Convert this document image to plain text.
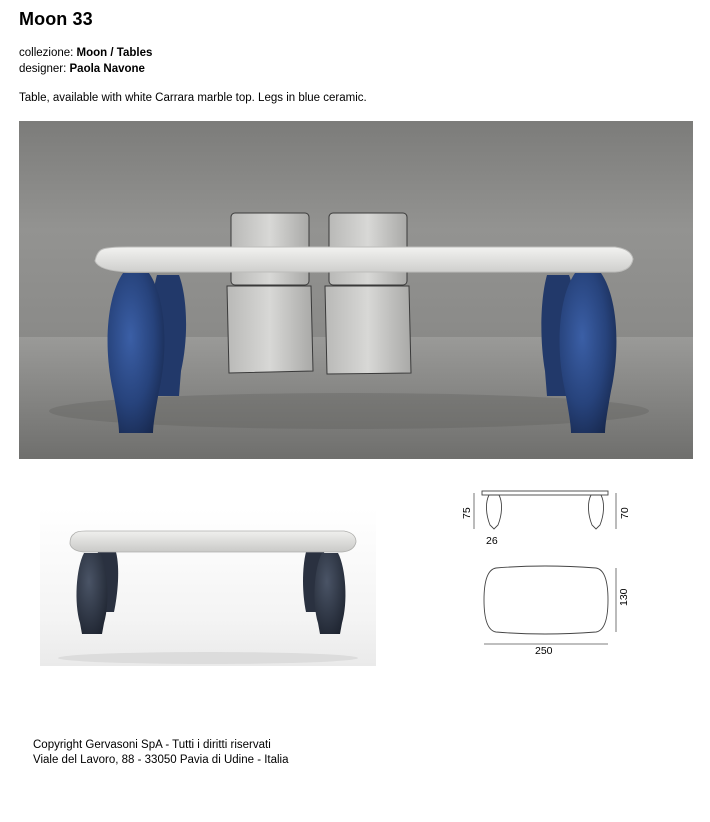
Moon 33
collezione: Moon / Tables
designer: Paola Navone
Table, available with white Carrara marble top. Legs in blue ceramic.
75	70
26
130
250
Copyright Gervasoni SpA - Tutti i diritti riservati
Viale del Lavoro, 88 - 33050 Pavia di Udine - Italia
